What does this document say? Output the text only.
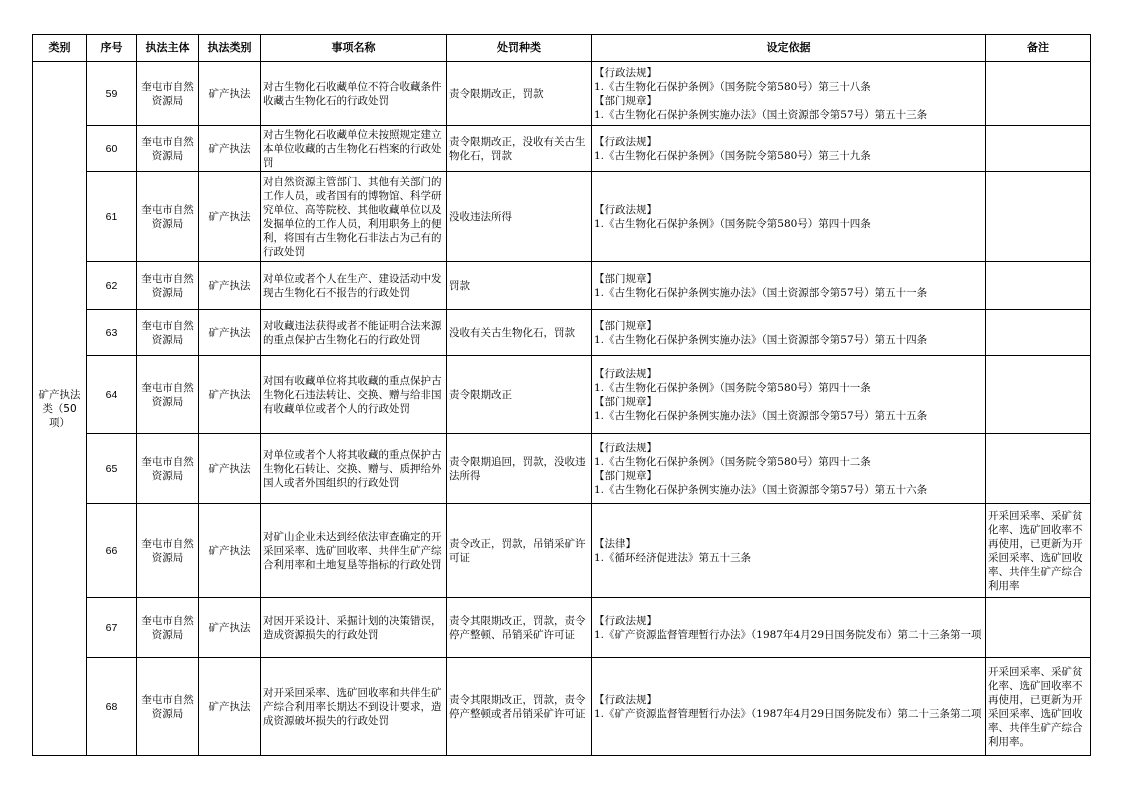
类别	序号	执法主体	执法类别	事项名称	处罚种类	设定依据	备注
矿产执法类（50项）	59	奎屯市自然资源局	矿产执法	对古生物化石收藏单位不符合收藏条件收藏古生物化石的行政处罚	责令限期改正，罚款	【行政法规】
1.《古生物化石保护条例》（国务院令第580号）第三十八条
【部门规章】
1.《古生物化石保护条例实施办法》（国土资源部令第57号）第五十三条	
	60	奎屯市自然资源局	矿产执法	对古生物化石收藏单位未按照规定建立本单位收藏的古生物化石档案的行政处罚	责令限期改正，没收有关古生物化石，罚款	【行政法规】
1.《古生物化石保护条例》（国务院令第580号）第三十九条	
	61	奎屯市自然资源局	矿产执法	对自然资源主管部门、其他有关部门的工作人员，或者国有的博物馆、科学研究单位、高等院校、其他收藏单位以及发掘单位的工作人员，利用职务上的便利，将国有古生物化石非法占为己有的行政处罚	没收违法所得	【行政法规】
1.《古生物化石保护条例》（国务院令第580号）第四十四条	
	62	奎屯市自然资源局	矿产执法	对单位或者个人在生产、建设活动中发现古生物化石不报告的行政处罚	罚款	【部门规章】
1.《古生物化石保护条例实施办法》（国土资源部令第57号）第五十一条	
	63	奎屯市自然资源局	矿产执法	对收藏违法获得或者不能证明合法来源的重点保护古生物化石的行政处罚	没收有关古生物化石，罚款	【部门规章】
1.《古生物化石保护条例实施办法》（国土资源部令第57号）第五十四条	
	64	奎屯市自然资源局	矿产执法	对国有收藏单位将其收藏的重点保护古生物化石违法转让、交换、赠与给非国有收藏单位或者个人的行政处罚	责令限期改正	【行政法规】
1.《古生物化石保护条例》（国务院令第580号）第四十一条
【部门规章】
1.《古生物化石保护条例实施办法》（国土资源部令第57号）第五十五条	
	65	奎屯市自然资源局	矿产执法	对单位或者个人将其收藏的重点保护古生物化石转让、交换、赠与、质押给外国人或者外国组织的行政处罚	责令限期追回，罚款，没收违法所得	【行政法规】
1.《古生物化石保护条例》（国务院令第580号）第四十二条
【部门规章】
1.《古生物化石保护条例实施办法》（国土资源部令第57号）第五十六条	
	66	奎屯市自然资源局	矿产执法	对矿山企业未达到经依法审查确定的开采回采率、选矿回收率、共伴生矿产综合利用率和土地复垦等指标的行政处罚	责令改正，罚款，吊销采矿许可证	【法律】
1.《循环经济促进法》第五十三条	开采回采率、采矿贫化率、选矿回收率不再使用，已更新为开采回采率、选矿回收率、共伴生矿产综合利用率
	67	奎屯市自然资源局	矿产执法	对因开采设计、采掘计划的决策错误，造成资源损失的行政处罚	责令其限期改正，罚款，责令停产整顿、吊销采矿许可证	【行政法规】
1.《矿产资源监督管理暂行办法》（1987年4月29日国务院发布）第二十三条第一项	
	68	奎屯市自然资源局	矿产执法	对开采回采率、选矿回收率和共伴生矿产综合利用率长期达不到设计要求，造成资源破坏损失的行政处罚	责令其限期改正，罚款，责令停产整顿或者吊销采矿许可证	【行政法规】
1.《矿产资源监督管理暂行办法》（1987年4月29日国务院发布）第二十三条第二项	开采回采率、采矿贫化率、选矿回收率不再使用，已更新为开采回采率、选矿回收率、共伴生矿产综合利用率。
